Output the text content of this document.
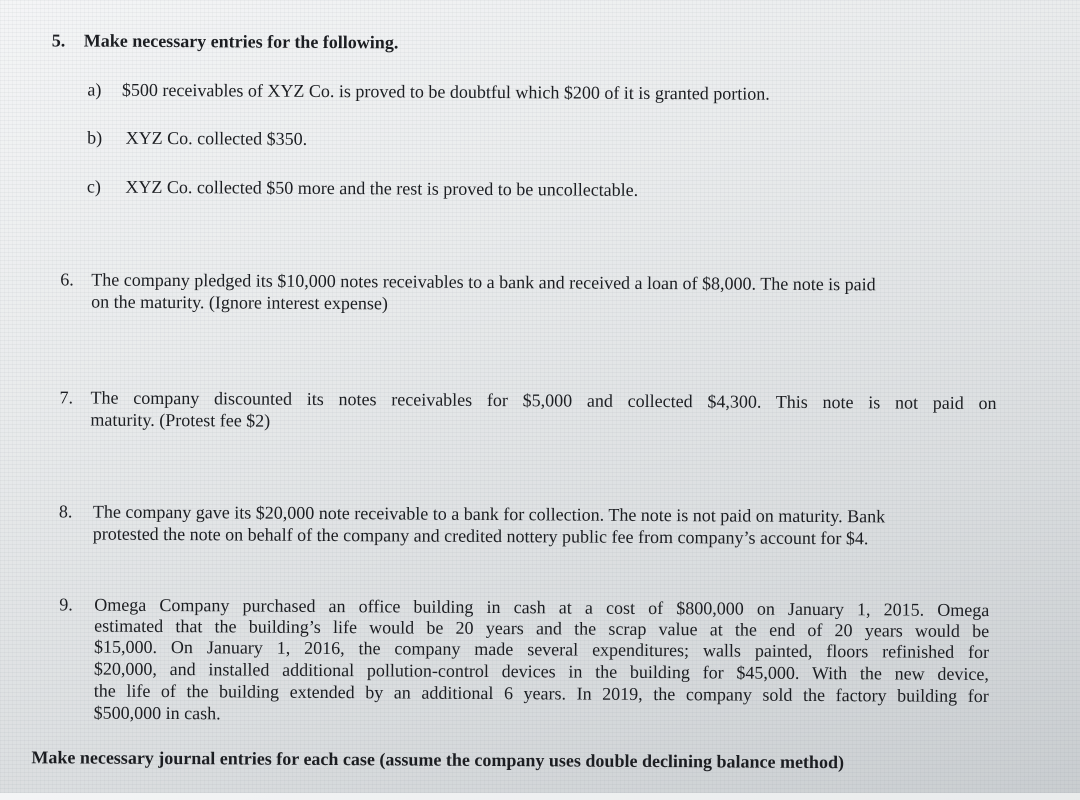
5. Make necessary entries for the following.
a) $500 receivables of XYZ Co. is proved to be doubtful which $200 of it is granted portion.
b) XYZ Co. collected $350.
c) XYZ Co. collected $50 more and the rest is proved to be uncollectable.
6. The company pledged its $10,000 notes receivables to a bank and received a loan of $8,000. The note is paid
on the maturity. (Ignore interest expense)
7. The company discounted its notes receivables for $5,000 and collected $4,300. This note is not paid on
maturity. (Protest fee $2)
8. The company gave its $20,000 note receivable to a bank for collection. The note is not paid on maturity. Bank
protested the note on behalf of the company and credited nottery public fee from company’s account for $4.
9. Omega Company purchased an office building in cash at a cost of $800,000 on January 1, 2015. Omega
estimated that the building’s life would be 20 years and the scrap value at the end of 20 years would be
$15,000. On January 1, 2016, the company made several expenditures; walls painted, floors refinished for
$20,000, and installed additional pollution-control devices in the building for $45,000. With the new device,
the life of the building extended by an additional 6 years. In 2019, the company sold the factory building for
$500,000 in cash.
Make necessary journal entries for each case (assume the company uses double declining balance method)
